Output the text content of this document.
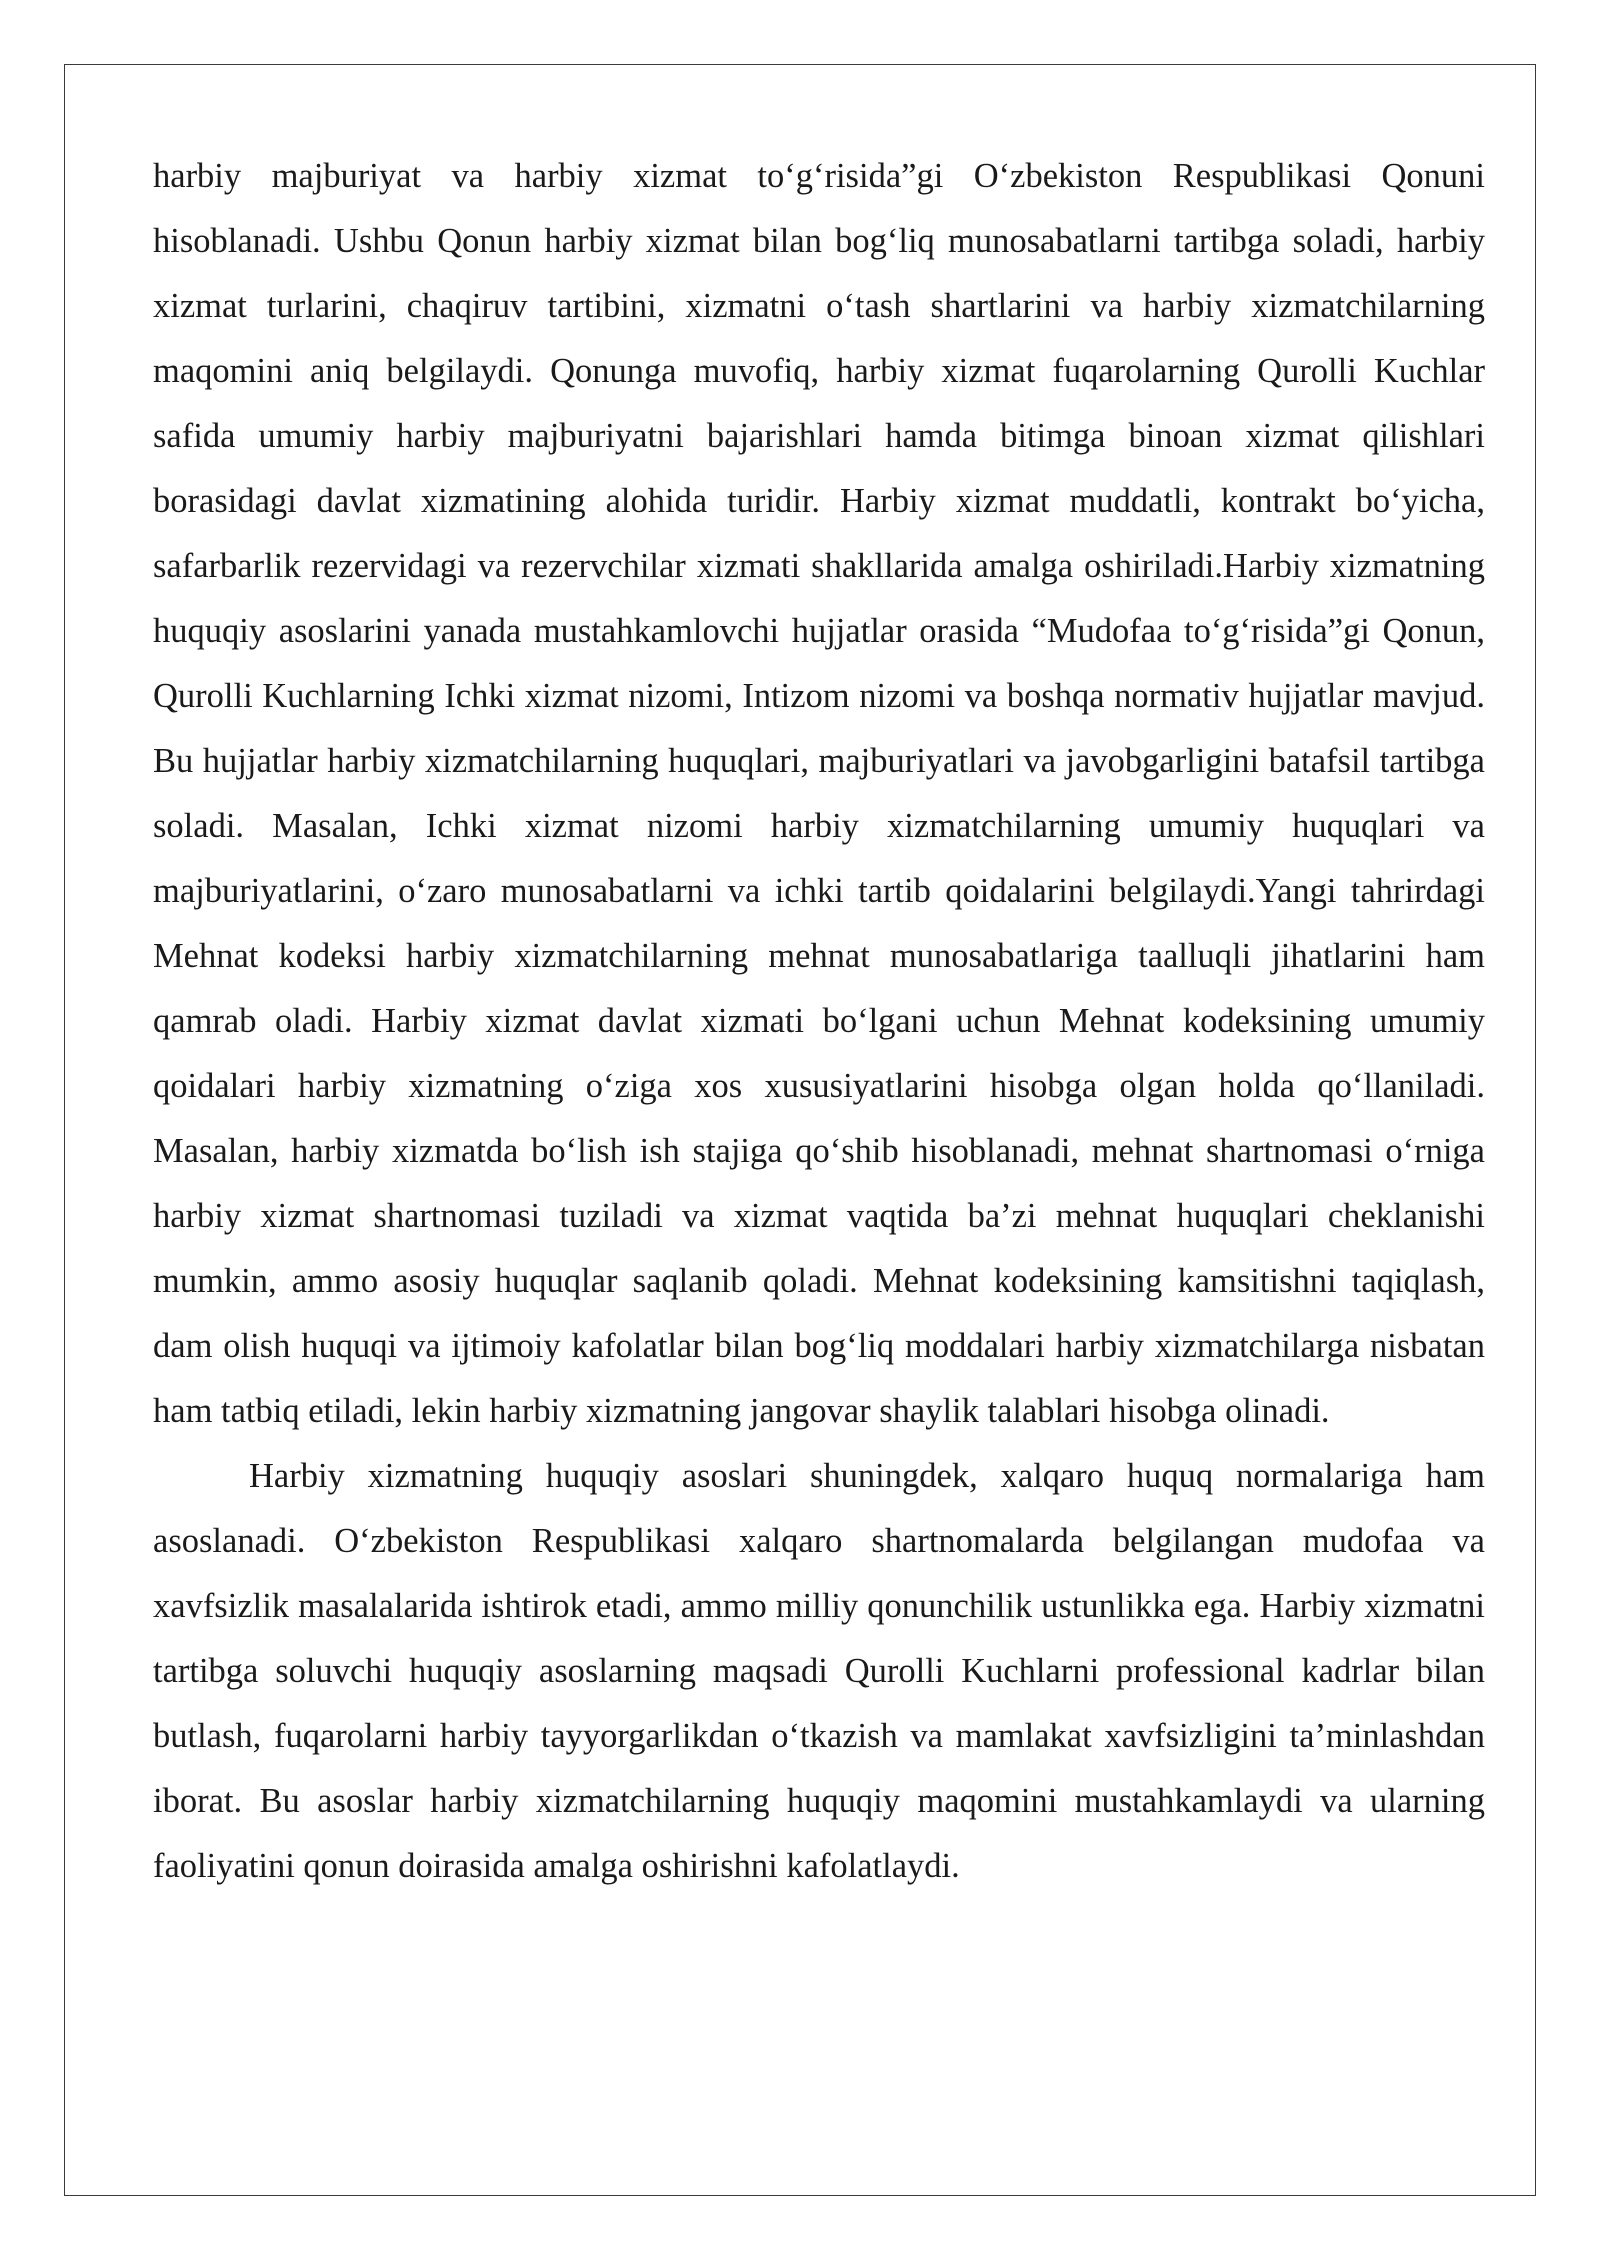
harbiy majburiyat va harbiy xizmat to‘g‘risida”gi O‘zbekiston Respublikasi Qonuni hisoblanadi. Ushbu Qonun harbiy xizmat bilan bog‘liq munosabatlarni tartibga soladi, harbiy xizmat turlarini, chaqiruv tartibini, xizmatni o‘tash shartlarini va harbiy xizmatchilarning maqomini aniq belgilaydi. Qonunga muvofiq, harbiy xizmat fuqarolarning Qurolli Kuchlar safida umumiy harbiy majburiyatni bajarishlari hamda bitimga binoan xizmat qilishlari borasidagi davlat xizmatining alohida turidir. Harbiy xizmat muddatli, kontrakt bo‘yicha, safarbarlik rezervidagi va rezervchilar xizmati shakllarida amalga oshiriladi.Harbiy xizmatning huquqiy asoslarini yanada mustahkamlovchi hujjatlar orasida “Mudofaa to‘g‘risida”gi Qonun, Qurolli Kuchlarning Ichki xizmat nizomi, Intizom nizomi va boshqa normativ hujjatlar mavjud. Bu hujjatlar harbiy xizmatchilarning huquqlari, majburiyatlari va javobgarligini batafsil tartibga soladi. Masalan, Ichki xizmat nizomi harbiy xizmatchilarning umumiy huquqlari va majburiyatlarini, o‘zaro munosabatlarni va ichki tartib qoidalarini belgilaydi.Yangi tahrirdagi Mehnat kodeksi harbiy xizmatchilarning mehnat munosabatlariga taalluqli jihatlarini ham qamrab oladi. Harbiy xizmat davlat xizmati bo‘lgani uchun Mehnat kodeksining umumiy qoidalari harbiy xizmatning o‘ziga xos xususiyatlarini hisobga olgan holda qo‘llaniladi. Masalan, harbiy xizmatda bo‘lish ish stajiga qo‘shib hisoblanadi, mehnat shartnomasi o‘rniga harbiy xizmat shartnomasi tuziladi va xizmat vaqtida ba’zi mehnat huquqlari cheklanishi mumkin, ammo asosiy huquqlar saqlanib qoladi. Mehnat kodeksining kamsitishni taqiqlash, dam olish huquqi va ijtimoiy kafolatlar bilan bog‘liq moddalari harbiy xizmatchilarga nisbatan ham tatbiq etiladi, lekin harbiy xizmatning jangovar shaylik talablari hisobga olinadi.

Harbiy xizmatning huquqiy asoslari shuningdek, xalqaro huquq normalariga ham asoslanadi. O‘zbekiston Respublikasi xalqaro shartnomalarda belgilangan mudofaa va xavfsizlik masalalarida ishtirok etadi, ammo milliy qonunchilik ustunlikka ega. Harbiy xizmatni tartibga soluvchi huquqiy asoslarning maqsadi Qurolli Kuchlarni professional kadrlar bilan butlash, fuqarolarni harbiy tayyorgarlikdan o‘tkazish va mamlakat xavfsizligini ta’minlashdan iborat. Bu asoslar harbiy xizmatchilarning huquqiy maqomini mustahkamlaydi va ularning faoliyatini qonun doirasida amalga oshirishni kafolatlaydi.
